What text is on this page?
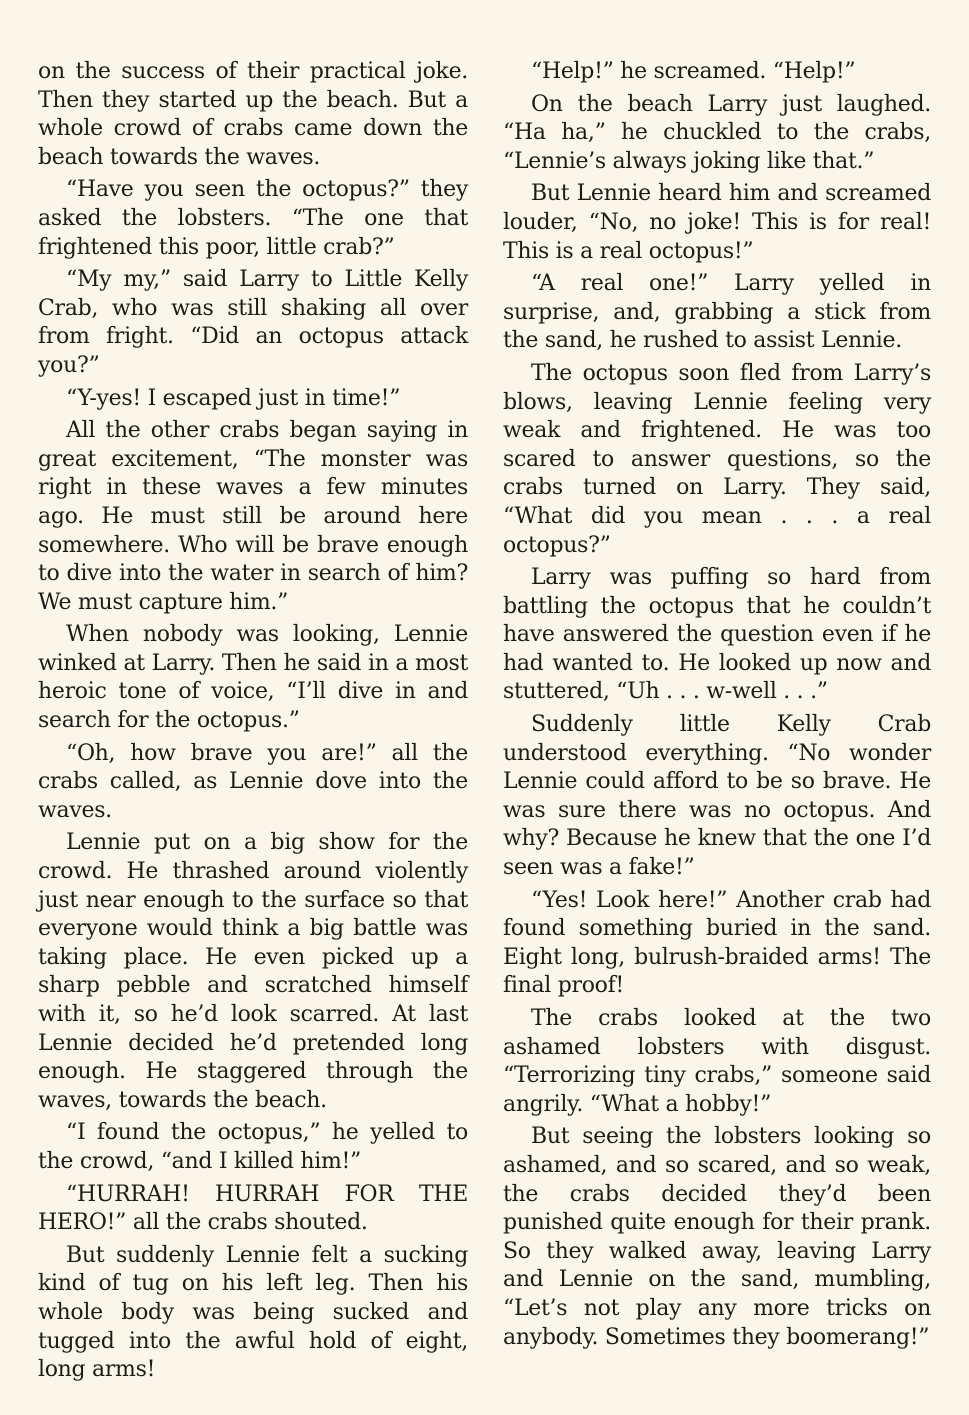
on the success of their practical joke. Then they started up the beach. But a whole crowd of crabs came down the beach towards the waves.

“Have you seen the octopus?” they asked the lobsters. “The one that frightened this poor, little crab?”

“My my,” said Larry to Little Kelly Crab, who was still shaking all over from fright. “Did an octopus attack you?”

“Y-yes! I escaped just in time!”

All the other crabs began saying in great excitement, “The monster was right in these waves a few minutes ago. He must still be around here somewhere. Who will be brave enough to dive into the water in search of him? We must capture him.”

When nobody was looking, Lennie winked at Larry. Then he said in a most heroic tone of voice, “I’ll dive in and search for the octopus.”

“Oh, how brave you are!” all the crabs called, as Lennie dove into the waves.

Lennie put on a big show for the crowd. He thrashed around violently just near enough to the surface so that everyone would think a big battle was taking place. He even picked up a sharp pebble and scratched himself with it, so he’d look scarred. At last Lennie decided he’d pretended long enough. He staggered through the waves, towards the beach.

“I found the octopus,” he yelled to the crowd, “and I killed him!”

“HURRAH! HURRAH FOR THE HERO!” all the crabs shouted.

But suddenly Lennie felt a sucking kind of tug on his left leg. Then his whole body was being sucked and tugged into the awful hold of eight, long arms!

“Help!” he screamed. “Help!”

On the beach Larry just laughed. “Ha ha,” he chuckled to the crabs, “Lennie’s always joking like that.”

But Lennie heard him and screamed louder, “No, no joke! This is for real! This is a real octopus!”

“A real one!” Larry yelled in surprise, and, grabbing a stick from the sand, he rushed to assist Lennie.

The octopus soon fled from Larry’s blows, leaving Lennie feeling very weak and frightened. He was too scared to answer questions, so the crabs turned on Larry. They said, “What did you mean . . . a real octopus?”

Larry was puffing so hard from battling the octopus that he couldn’t have answered the question even if he had wanted to. He looked up now and stuttered, “Uh . . . w-well . . .”

Suddenly little Kelly Crab understood everything. “No wonder Lennie could afford to be so brave. He was sure there was no octopus. And why? Because he knew that the one I’d seen was a fake!”

“Yes! Look here!” Another crab had found something buried in the sand. Eight long, bulrush-braided arms! The final proof!

The crabs looked at the two ashamed lobsters with disgust. “Terrorizing tiny crabs,” someone said angrily. “What a hobby!”

But seeing the lobsters looking so ashamed, and so scared, and so weak, the crabs decided they’d been punished quite enough for their prank. So they walked away, leaving Larry and Lennie on the sand, mumbling, “Let’s not play any more tricks on anybody. Sometimes they boomerang!”
